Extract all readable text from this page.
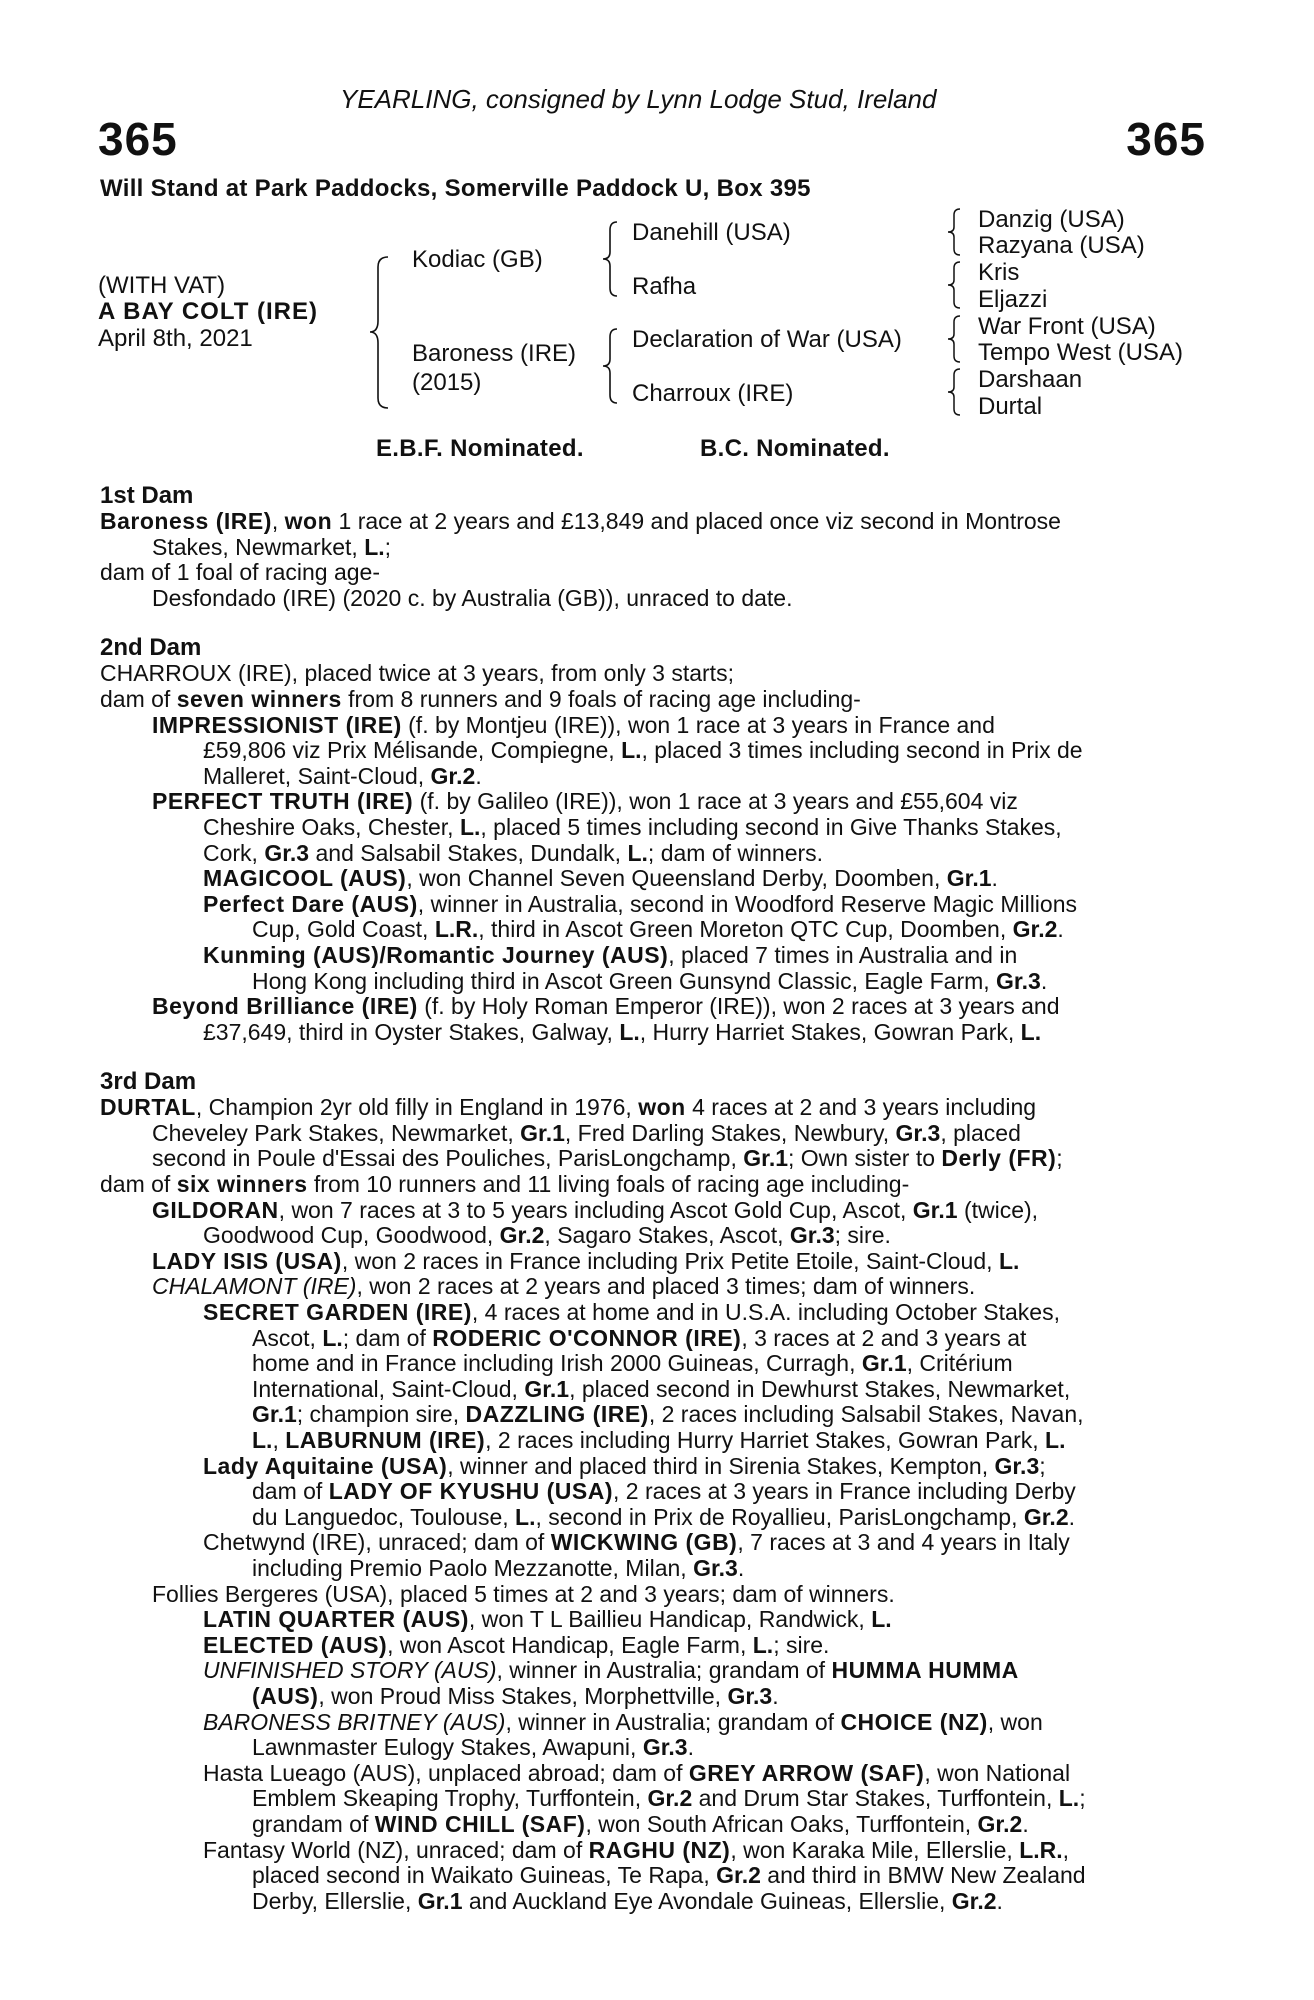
365	365
YEARLING, consigned by Lynn Lodge Stud, Ireland
Will Stand at Park Paddocks, Somerville Paddock U, Box 395
(WITH VAT)
A BAY COLT (IRE)
April 8th, 2021
Kodiac (GB)
Baroness (IRE)
(2015)
Danehill (USA)
Rafha
Declaration of War (USA)
Charroux (IRE)
Danzig (USA)
Razyana (USA)
Kris
Eljazzi
War Front (USA)
Tempo West (USA)
Darshaan
Durtal
E.B.F. Nominated.	B.C. Nominated.
1st Dam
Baroness (IRE), won 1 race at 2 years and £13,849 and placed once viz second in Montrose
Stakes, Newmarket, L.;
dam of 1 foal of racing age-
Desfondado (IRE) (2020 c. by Australia (GB)), unraced to date.
2nd Dam
CHARROUX (IRE), placed twice at 3 years, from only 3 starts;
dam of seven winners from 8 runners and 9 foals of racing age including-
IMPRESSIONIST (IRE) (f. by Montjeu (IRE)), won 1 race at 3 years in France and
£59,806 viz Prix Mélisande, Compiegne, L., placed 3 times including second in Prix de
Malleret, Saint-Cloud, Gr.2.
PERFECT TRUTH (IRE) (f. by Galileo (IRE)), won 1 race at 3 years and £55,604 viz
Cheshire Oaks, Chester, L., placed 5 times including second in Give Thanks Stakes,
Cork, Gr.3 and Salsabil Stakes, Dundalk, L.; dam of winners.
MAGICOOL (AUS), won Channel Seven Queensland Derby, Doomben, Gr.1.
Perfect Dare (AUS), winner in Australia, second in Woodford Reserve Magic Millions
Cup, Gold Coast, L.R., third in Ascot Green Moreton QTC Cup, Doomben, Gr.2.
Kunming (AUS)/Romantic Journey (AUS), placed 7 times in Australia and in
Hong Kong including third in Ascot Green Gunsynd Classic, Eagle Farm, Gr.3.
Beyond Brilliance (IRE) (f. by Holy Roman Emperor (IRE)), won 2 races at 3 years and
£37,649, third in Oyster Stakes, Galway, L., Hurry Harriet Stakes, Gowran Park, L.
3rd Dam
DURTAL, Champion 2yr old filly in England in 1976, won 4 races at 2 and 3 years including
Cheveley Park Stakes, Newmarket, Gr.1, Fred Darling Stakes, Newbury, Gr.3, placed
second in Poule d'Essai des Pouliches, ParisLongchamp, Gr.1; Own sister to Derly (FR);
dam of six winners from 10 runners and 11 living foals of racing age including-
GILDORAN, won 7 races at 3 to 5 years including Ascot Gold Cup, Ascot, Gr.1 (twice),
Goodwood Cup, Goodwood, Gr.2, Sagaro Stakes, Ascot, Gr.3; sire.
LADY ISIS (USA), won 2 races in France including Prix Petite Etoile, Saint-Cloud, L.
CHALAMONT (IRE), won 2 races at 2 years and placed 3 times; dam of winners.
SECRET GARDEN (IRE), 4 races at home and in U.S.A. including October Stakes,
Ascot, L.; dam of RODERIC O'CONNOR (IRE), 3 races at 2 and 3 years at
home and in France including Irish 2000 Guineas, Curragh, Gr.1, Critérium
International, Saint-Cloud, Gr.1, placed second in Dewhurst Stakes, Newmarket,
Gr.1; champion sire, DAZZLING (IRE), 2 races including Salsabil Stakes, Navan,
L., LABURNUM (IRE), 2 races including Hurry Harriet Stakes, Gowran Park, L.
Lady Aquitaine (USA), winner and placed third in Sirenia Stakes, Kempton, Gr.3;
dam of LADY OF KYUSHU (USA), 2 races at 3 years in France including Derby
du Languedoc, Toulouse, L., second in Prix de Royallieu, ParisLongchamp, Gr.2.
Chetwynd (IRE), unraced; dam of WICKWING (GB), 7 races at 3 and 4 years in Italy
including Premio Paolo Mezzanotte, Milan, Gr.3.
Follies Bergeres (USA), placed 5 times at 2 and 3 years; dam of winners.
LATIN QUARTER (AUS), won T L Baillieu Handicap, Randwick, L.
ELECTED (AUS), won Ascot Handicap, Eagle Farm, L.; sire.
UNFINISHED STORY (AUS), winner in Australia; grandam of HUMMA HUMMA
(AUS), won Proud Miss Stakes, Morphettville, Gr.3.
BARONESS BRITNEY (AUS), winner in Australia; grandam of CHOICE (NZ), won
Lawnmaster Eulogy Stakes, Awapuni, Gr.3.
Hasta Lueago (AUS), unplaced abroad; dam of GREY ARROW (SAF), won National
Emblem Skeaping Trophy, Turffontein, Gr.2 and Drum Star Stakes, Turffontein, L.;
grandam of WIND CHILL (SAF), won South African Oaks, Turffontein, Gr.2.
Fantasy World (NZ), unraced; dam of RAGHU (NZ), won Karaka Mile, Ellerslie, L.R.,
placed second in Waikato Guineas, Te Rapa, Gr.2 and third in BMW New Zealand
Derby, Ellerslie, Gr.1 and Auckland Eye Avondale Guineas, Ellerslie, Gr.2.
